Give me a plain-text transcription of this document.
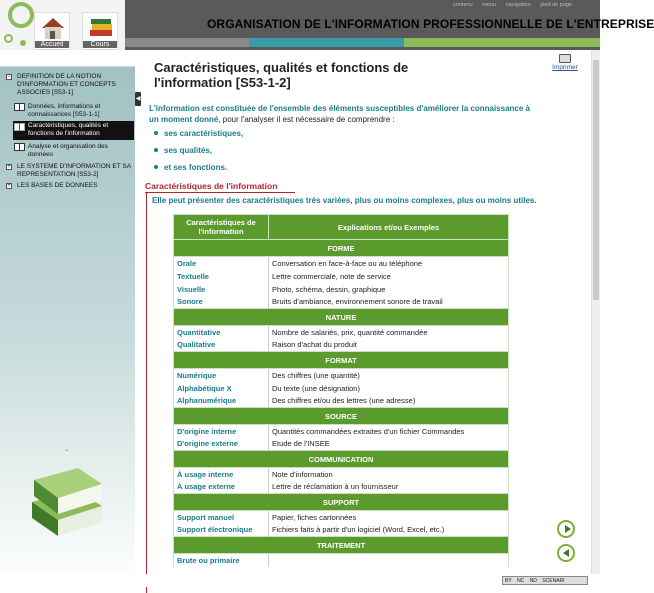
Accueil	Cours
contenu menu navigation pied de page
ORGANISATION DE L'INFORMATION PROFESSIONNELLE DE L'ENTREPRISE
− DEFINITION DE LA NOTION D'INFORMATION ET CONCEPTS ASSOCIES [S53-1]
Données, informations et connaissances [S53-1-1]
Caractéristiques, qualités et fonctions de l'information
Analyse et organisation des données
+ LE SYSTEME D'INFORMATION ET SA REPRESENTATION [S53-2]
+ LES BASES DE DONNEES
⌄
◀
Caractéristiques, qualités et fonctions de l'information [S53-1-2]
Imprimer
L'information est constituée de l'ensemble des éléments susceptibles d'améliorer la connaissance à un moment donné, pour l'analyser il est nécessaire de comprendre :
ses caractéristiques,
ses qualités,
et ses fonctions.
Caractéristiques de l'information
Elle peut présenter des caractéristiques très variées, plus ou moins complexes, plus ou moins utiles.
Caractéristiques de l'information	Explications et/ou Exemples
FORME	
Orale	Conversation en face-à-face ou au téléphone
Textuelle	Lettre commerciale, note de service
Visuelle	Photo, schéma, dessin, graphique
Sonore	Bruits d'ambiance, environnement sonore de travail
NATURE	
Quantitative	Nombre de salariés, prix, quantité commandée
Qualitative	Raison d'achat du produit
FORMAT	
Numérique	Des chiffres (une quantité)
Alphabétique X	Du texte (une désignation)
Alphanumérique	Des chiffres et/ou des lettres (une adresse)
SOURCE	
D'origine interne	Quantités commandées extraites d'un fichier Commandes
D'origine externe	Etude de l'INSEE
COMMUNICATION	
À usage interne	Note d'information
À usage externe	Lettre de réclamation à un fournisseur
SUPPORT	
Support manuel	Papier, fiches cartonnées
Support électronique	Fichiers faits à partir d'un logiciel (Word, Excel, etc.)
TRAITEMENT	
Brute ou primaire	
BY NC ND SCENARI
